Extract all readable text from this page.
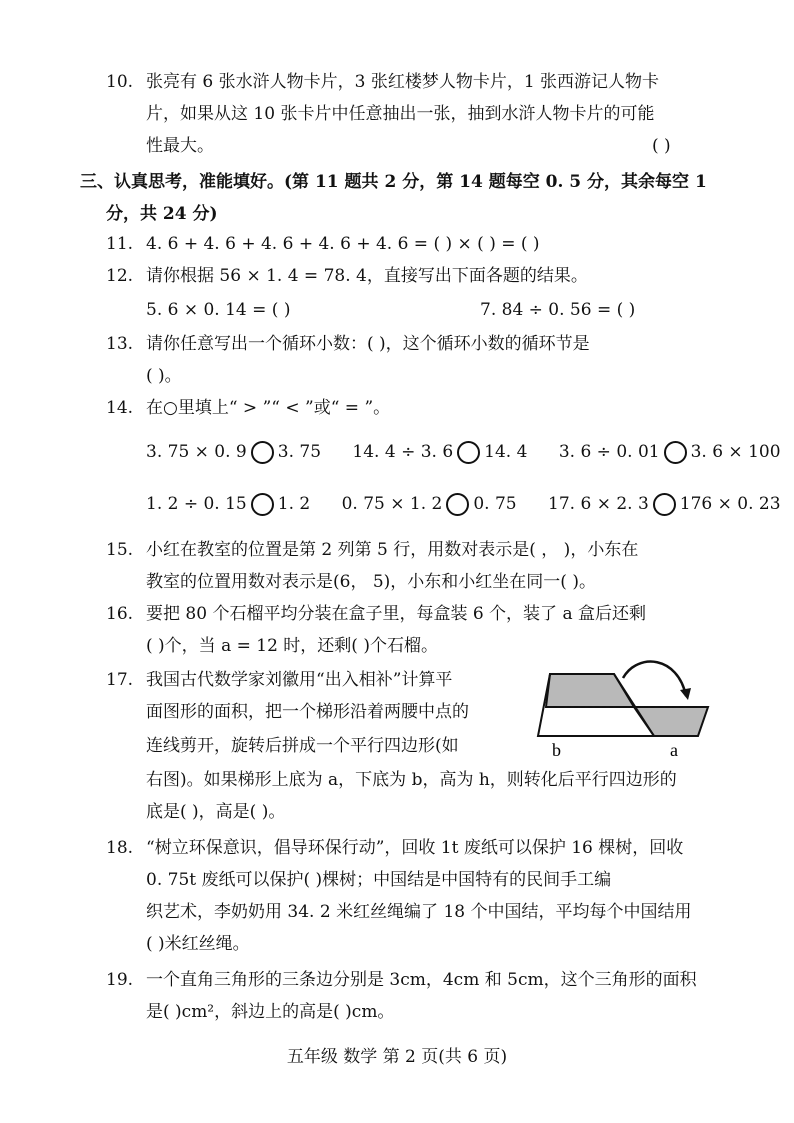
10. 张亮有 6 张水浒人物卡片，3 张红楼梦人物卡片，1 张西游记人物卡
片，如果从这 10 张卡片中任意抽出一张，抽到水浒人物卡片的可能
性最大。	( )
三、认真思考，准能填好。(第 11 题共 2 分，第 14 题每空 0. 5 分，其余每空 1
分，共 24 分)
11. 4. 6 + 4. 6 + 4. 6 + 4. 6 + 4. 6 = ( ) × ( ) = ( )
12. 请你根据 56 × 1. 4 = 78. 4，直接写出下面各题的结果。
5. 6 × 0. 14 = ( )	7. 84 ÷ 0. 56 = ( )
13. 请你任意写出一个循环小数：( )，这个循环小数的循环节是
( )。
14. 在○里填上“ > ”“ < ”或“ = ”。
3. 75 × 0. 9 3. 75 14. 4 ÷ 3. 6 14. 4 3. 6 ÷ 0. 01 3. 6 × 100
1. 2 ÷ 0. 15 1. 2 0. 75 × 1. 2 0. 75 17. 6 × 2. 3 176 × 0. 23
15. 小红在教室的位置是第 2 列第 5 行，用数对表示是( ， )，小东在
教室的位置用数对表示是(6， 5)，小东和小红坐在同一( )。
16. 要把 80 个石榴平均分装在盒子里，每盒装 6 个，装了 a 盒后还剩
( )个，当 a = 12 时，还剩( )个石榴。
17. 我国古代数学家刘徽用“出入相补”计算平
面图形的面积，把一个梯形沿着两腰中点的
连线剪开，旋转后拼成一个平行四边形(如
右图)。如果梯形上底为 a，下底为 b，高为 h，则转化后平行四边形的
底是( )，高是( )。
b	a
18. “树立环保意识，倡导环保行动”，回收 1t 废纸可以保护 16 棵树，回收
0. 75t 废纸可以保护( )棵树；中国结是中国特有的民间手工编
织艺术，李奶奶用 34. 2 米红丝绳编了 18 个中国结，平均每个中国结用
( )米红丝绳。
19. 一个直角三角形的三条边分别是 3cm，4cm 和 5cm，这个三角形的面积
是( )cm²，斜边上的高是( )cm。
五年级 数学 第 2 页(共 6 页)
